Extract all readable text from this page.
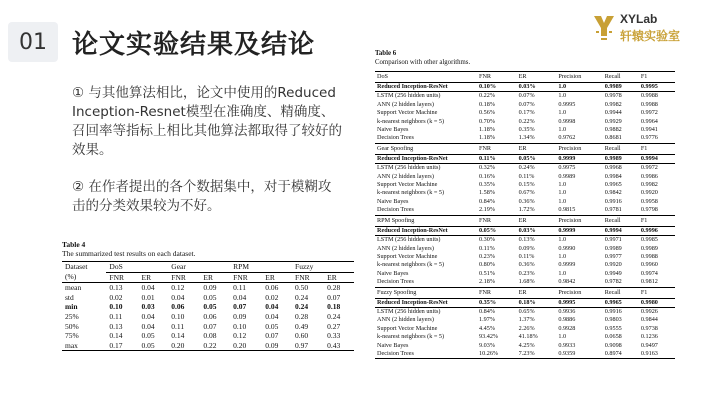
01 论文实验结果及结论
XYLab
轩辕实验室
① 与其他算法相比，论文中使用的Reduced Inception-Resnet模型在准确度、精确度、召回率等指标上相比其他算法都取得了较好的效果。
② 在作者提出的各个数据集中，对于模糊攻击的分类效果较为不好。
Table 4
The summarized test results on each dataset.
Dataset	DoS		Gear		RPM		Fuzzy	
(%)	FNR	ER	FNR	ER	FNR	ER	FNR	ER
mean	0.13	0.04	0.12	0.09	0.11	0.06	0.50	0.28
std	0.02	0.01	0.04	0.05	0.04	0.02	0.24	0.07
min	0.10	0.03	0.06	0.05	0.07	0.04	0.24	0.18
25%	0.11	0.04	0.10	0.06	0.09	0.04	0.28	0.24
50%	0.13	0.04	0.11	0.07	0.10	0.05	0.49	0.27
75%	0.14	0.05	0.14	0.08	0.12	0.07	0.60	0.33
max	0.17	0.05	0.20	0.22	0.20	0.09	0.97	0.43
Table 6
Comparison with other algorithms.
DoS	FNR	ER	Precision	Recall	F1
Reduced Inception-ResNet	0.10%	0.03%	1.0	0.9989	0.9995
LSTM (256 hidden units)	0.22%	0.07%	1.0	0.9978	0.9988
ANN (2 hidden layers)	0.18%	0.07%	0.9995	0.9982	0.9988
Support Vector Machine	0.56%	0.17%	1.0	0.9944	0.9972
k-nearest neighbors (k = 5)	0.70%	0.22%	0.9998	0.9929	0.9964
Naive Bayes	1.18%	0.35%	1.0	0.9882	0.9941
Decision Trees	1.18%	1.34%	0.9762	0.8681	0.9776
Gear Spoofing	FNR	ER	Precision	Recall	F1
Reduced Inception-ResNet	0.11%	0.05%	0.9999	0.9989	0.9994
LSTM (256 hidden units)	0.32%	0.24%	0.9975	0.9968	0.9972
ANN (2 hidden layers)	0.16%	0.11%	0.9989	0.9984	0.9986
Support Vector Machine	0.35%	0.15%	1.0	0.9965	0.9982
k-nearest neighbors (k = 5)	1.58%	0.67%	1.0	0.9842	0.9920
Naive Bayes	0.84%	0.36%	1.0	0.9916	0.9958
Decision Trees	2.19%	1.72%	0.9815	0.9781	0.9798
RPM Spoofing	FNR	ER	Precision	Recall	F1
Reduced Inception-ResNet	0.05%	0.03%	0.9999	0.9994	0.9996
LSTM (256 hidden units)	0.30%	0.13%	1.0	0.9971	0.9985
ANN (2 hidden layers)	0.11%	0.09%	0.9990	0.9989	0.9989
Support Vector Machine	0.23%	0.11%	1.0	0.9977	0.9988
k-nearest neighbors (k = 5)	0.80%	0.36%	0.9999	0.9920	0.9960
Naive Bayes	0.51%	0.23%	1.0	0.9949	0.9974
Decision Trees	2.18%	1.68%	0.9842	0.9782	0.9812
Fuzzy Spoofing	FNR	ER	Precision	Recall	F1
Reduced Inception-ResNet	0.35%	0.18%	0.9995	0.9965	0.9980
LSTM (256 hidden units)	0.84%	0.65%	0.9936	0.9916	0.9926
ANN (2 hidden layers)	1.97%	1.37%	0.9886	0.9803	0.9844
Support Vector Machine	4.45%	2.26%	0.9928	0.9555	0.9738
k-nearest neighbors (k = 5)	93.42%	41.18%	1.0	0.0658	0.1236
Naive Bayes	9.03%	4.25%	0.9933	0.9098	0.9497
Decision Trees	10.26%	7.23%	0.9359	0.8974	0.9163
